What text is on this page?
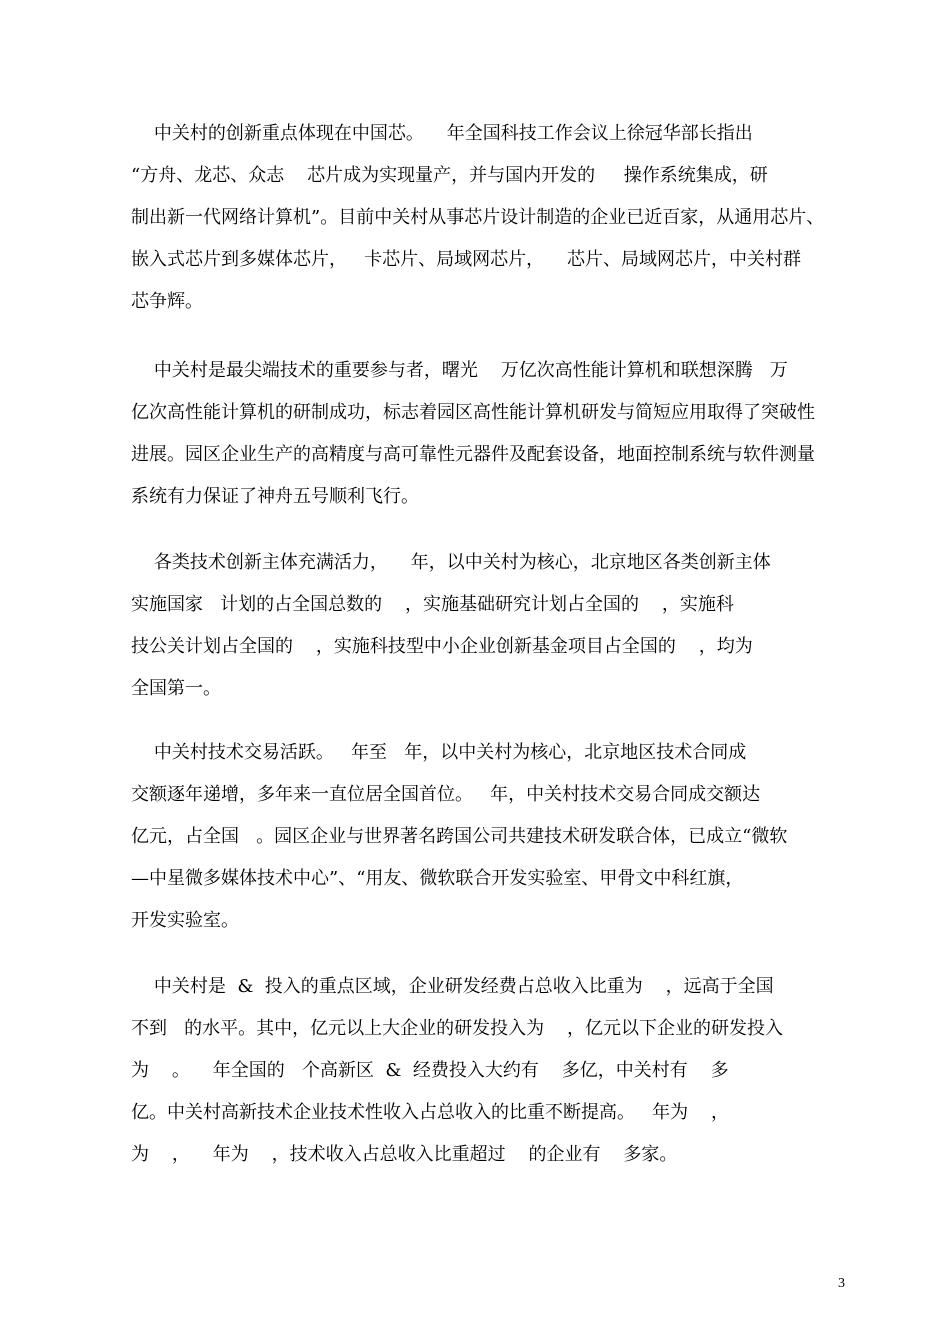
中关村的创新重点体现在中国芯。    年全国科技工作会议上徐冠华部长指出

“方舟、龙芯、众志    芯片成为实现量产，并与国内开发的     操作系统集成，研

制出新一代网络计算机”。目前中关村从事芯片设计制造的企业已近百家，从通用芯片、

嵌入式芯片到多媒体芯片，   卡芯片、局域网芯片，    芯片、局域网芯片，中关村群

芯争辉。

中关村是最尖端技术的重要参与者，曙光    万亿次高性能计算机和联想深腾   万

亿次高性能计算机的研制成功，标志着园区高性能计算机研发与简短应用取得了突破性

进展。园区企业生产的高精度与高可靠性元器件及配套设备，地面控制系统与软件测量

系统有力保证了神舟五号顺利飞行。

各类技术创新主体充满活力，    年，以中关村为核心，北京地区各类创新主体

实施国家   计划的占全国总数的    ，实施基础研究计划占全国的    ，实施科

技公关计划占全国的    ，实施科技型中小企业创新基金项目占全国的    ，均为

全国第一。

中关村技术交易活跃。   年至   年，以中关村为核心，北京地区技术合同成

交额逐年递增，多年来一直位居全国首位。   年，中关村技术交易合同成交额达

亿元，占全国   。园区企业与世界著名跨国公司共建技术研发联合体，已成立“微软

—中星微多媒体技术中心”、“用友、微软联合开发实验室、甲骨文中科红旗，

开发实验室。

中关村是  &  投入的重点区域，企业研发经费占总收入比重为    ，远高于全国

不到   的水平。其中，亿元以上大企业的研发投入为    ，亿元以下企业的研发投入

为    。    年全国的   个高新区  &  经费投入大约有    多亿，中关村有    多

亿。中关村高新技术企业技术性收入占总收入的比重不断提高。   年为    ，

为    ，    年为    ，技术收入占总收入比重超过    的企业有    多家。

3
